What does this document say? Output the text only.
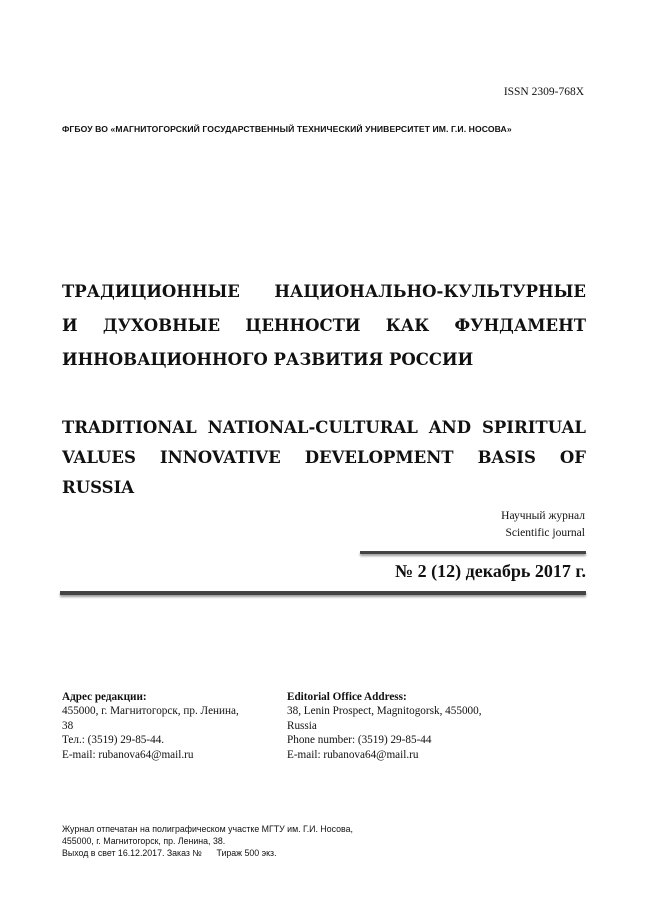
ISSN 2309-768X
ФГБОУ ВО «МАГНИТОГОРСКИЙ ГОСУДАРСТВЕННЫЙ ТЕХНИЧЕСКИЙ УНИВЕРСИТЕТ ИМ. Г.И. НОСОВА»
ТРАДИЦИОННЫЕ НАЦИОНАЛЬНО-КУЛЬТУРНЫЕ
И ДУХОВНЫЕ ЦЕННОСТИ КАК ФУНДАМЕНТ
ИННОВАЦИОННОГО РАЗВИТИЯ РОССИИ
TRADITIONAL NATIONAL-CULTURAL AND SPIRITUAL
VALUES INNOVATIVE DEVELOPMENT BASIS OF RUSSIA
Научный журнал
Scientific journal
№ 2 (12) декабрь 2017 г.
Адрес редакции:
455000, г. Магнитогорск, пр. Ленина,
38
Тел.: (3519) 29-85-44.
E-mail: rubanova64@mail.ru
Editorial Office Address:
38, Lenin Prospect, Magnitogorsk, 455000,
Russia
Phone number: (3519) 29-85-44
E-mail: rubanova64@mail.ru
Журнал отпечатан на полиграфическом участке МГТУ им. Г.И. Носова,
455000, г. Магнитогорск, пр. Ленина, 38.
Выход в свет 16.12.2017. Заказ №      Тираж 500 экз.
